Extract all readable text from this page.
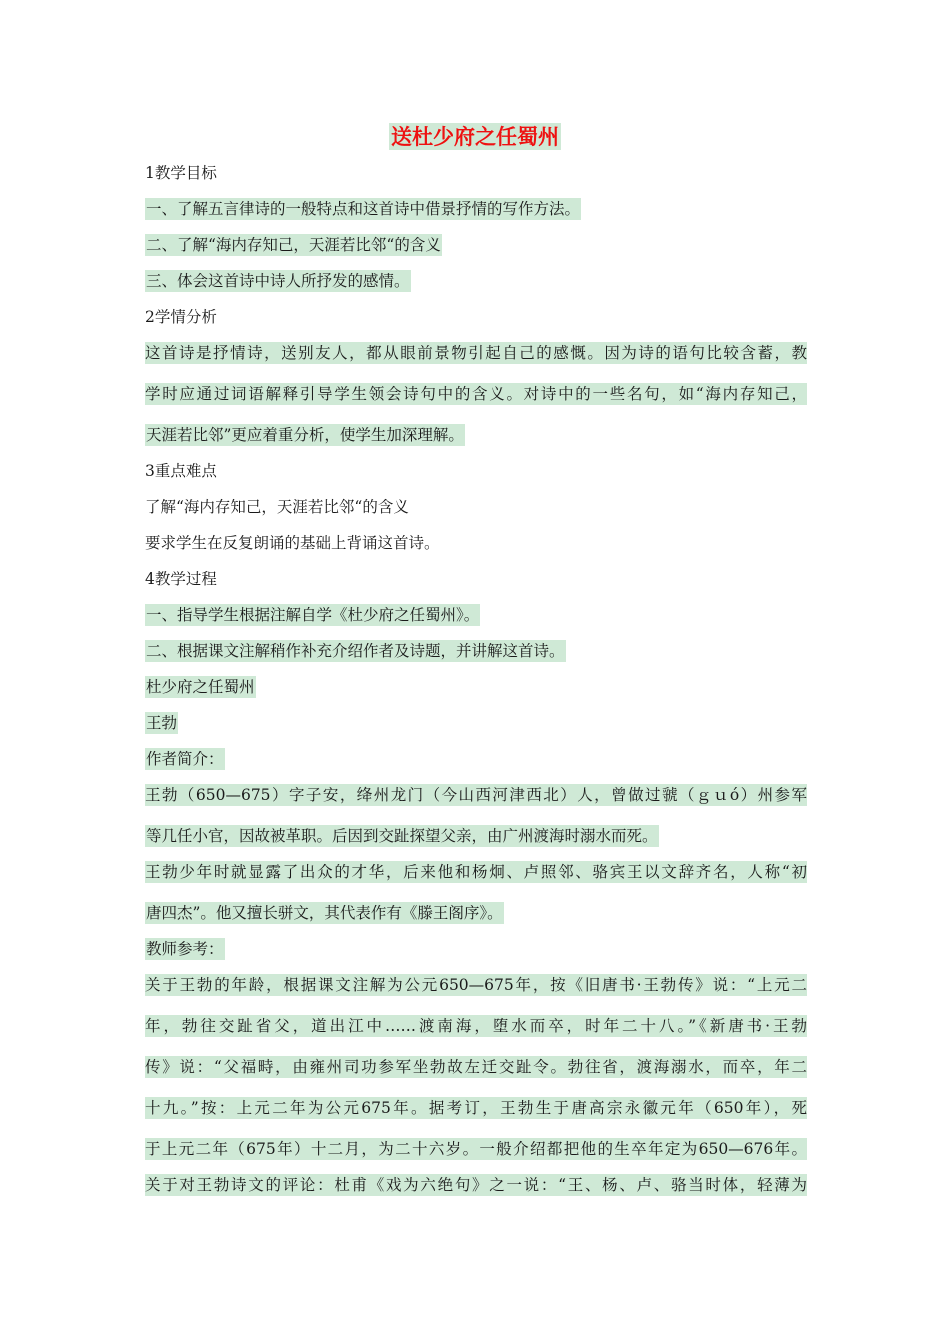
送杜少府之任蜀州
1教学目标
一、了解五言律诗的一般特点和这首诗中借景抒情的写作方法。
二、了解“海内存知己，天涯若比邻“的含义
三、体会这首诗中诗人所抒发的感情。
2学情分析
这首诗是抒情诗，送别友人，都从眼前景物引起自己的感慨。因为诗的语句比较含蓄，教
学时应通过词语解释引导学生领会诗句中的含义。对诗中的一些名句，如“海内存知己，
天涯若比邻”更应着重分析，使学生加深理解。
3重点难点
了解“海内存知己，天涯若比邻“的含义
要求学生在反复朗诵的基础上背诵这首诗。
4教学过程
一、指导学生根据注解自学《杜少府之任蜀州》。
二、根据课文注解稍作补充介绍作者及诗题，并讲解这首诗。
杜少府之任蜀州
王勃
作者简介：
王勃（650—675）字子安，绛州龙门（今山西河津西北）人，曾做过虢（ｇｕó）州参军
等几任小官，因故被革职。后因到交趾探望父亲，由广州渡海时溺水而死。
王勃少年时就显露了出众的才华，后来他和杨炯、卢照邻、骆宾王以文辞齐名，人称“初
唐四杰”。他又擅长骈文，其代表作有《滕王阁序》。
教师参考：
关于王勃的年龄，根据课文注解为公元650—675年，按《旧唐书·王勃传》说：“上元二
年，勃往交趾省父，道出江中……渡南海，堕水而卒，时年二十八。”《新唐书·王勃
传》说：“父福畤，由雍州司功参军坐勃故左迁交趾令。勃往省，渡海溺水，而卒，年二
十九。”按：上元二年为公元675年。据考订，王勃生于唐高宗永徽元年（650年），死
于上元二年（675年）十二月，为二十六岁。一般介绍都把他的生卒年定为650—676年。
关于对王勃诗文的评论：杜甫《戏为六绝句》之一说：“王、杨、卢、骆当时体，轻薄为
